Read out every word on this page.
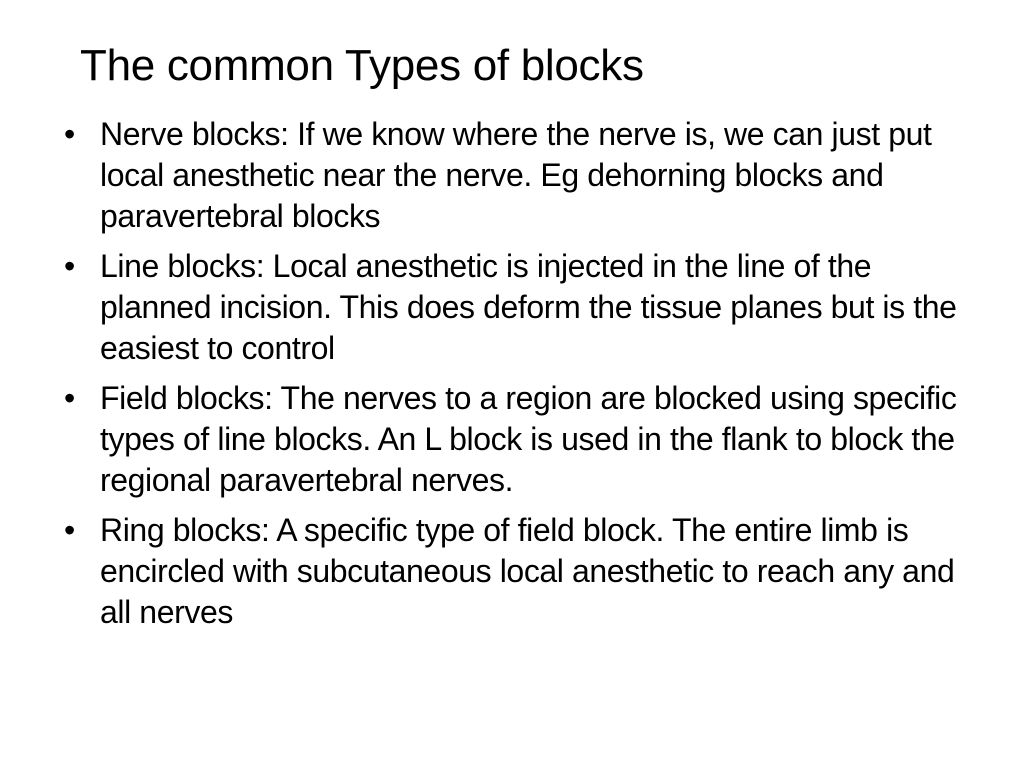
The common Types of blocks
• Nerve blocks: If we know where the nerve is, we can just put local anesthetic near the nerve. Eg dehorning blocks and paravertebral blocks
• Line blocks: Local anesthetic is injected in the line of the planned incision. This does deform the tissue planes but is the easiest to control
• Field blocks: The nerves to a region are blocked using specific types of line blocks. An L block is used in the flank to block the regional paravertebral nerves.
• Ring blocks: A specific type of field block. The entire limb is encircled with subcutaneous local anesthetic to reach any and all nerves
